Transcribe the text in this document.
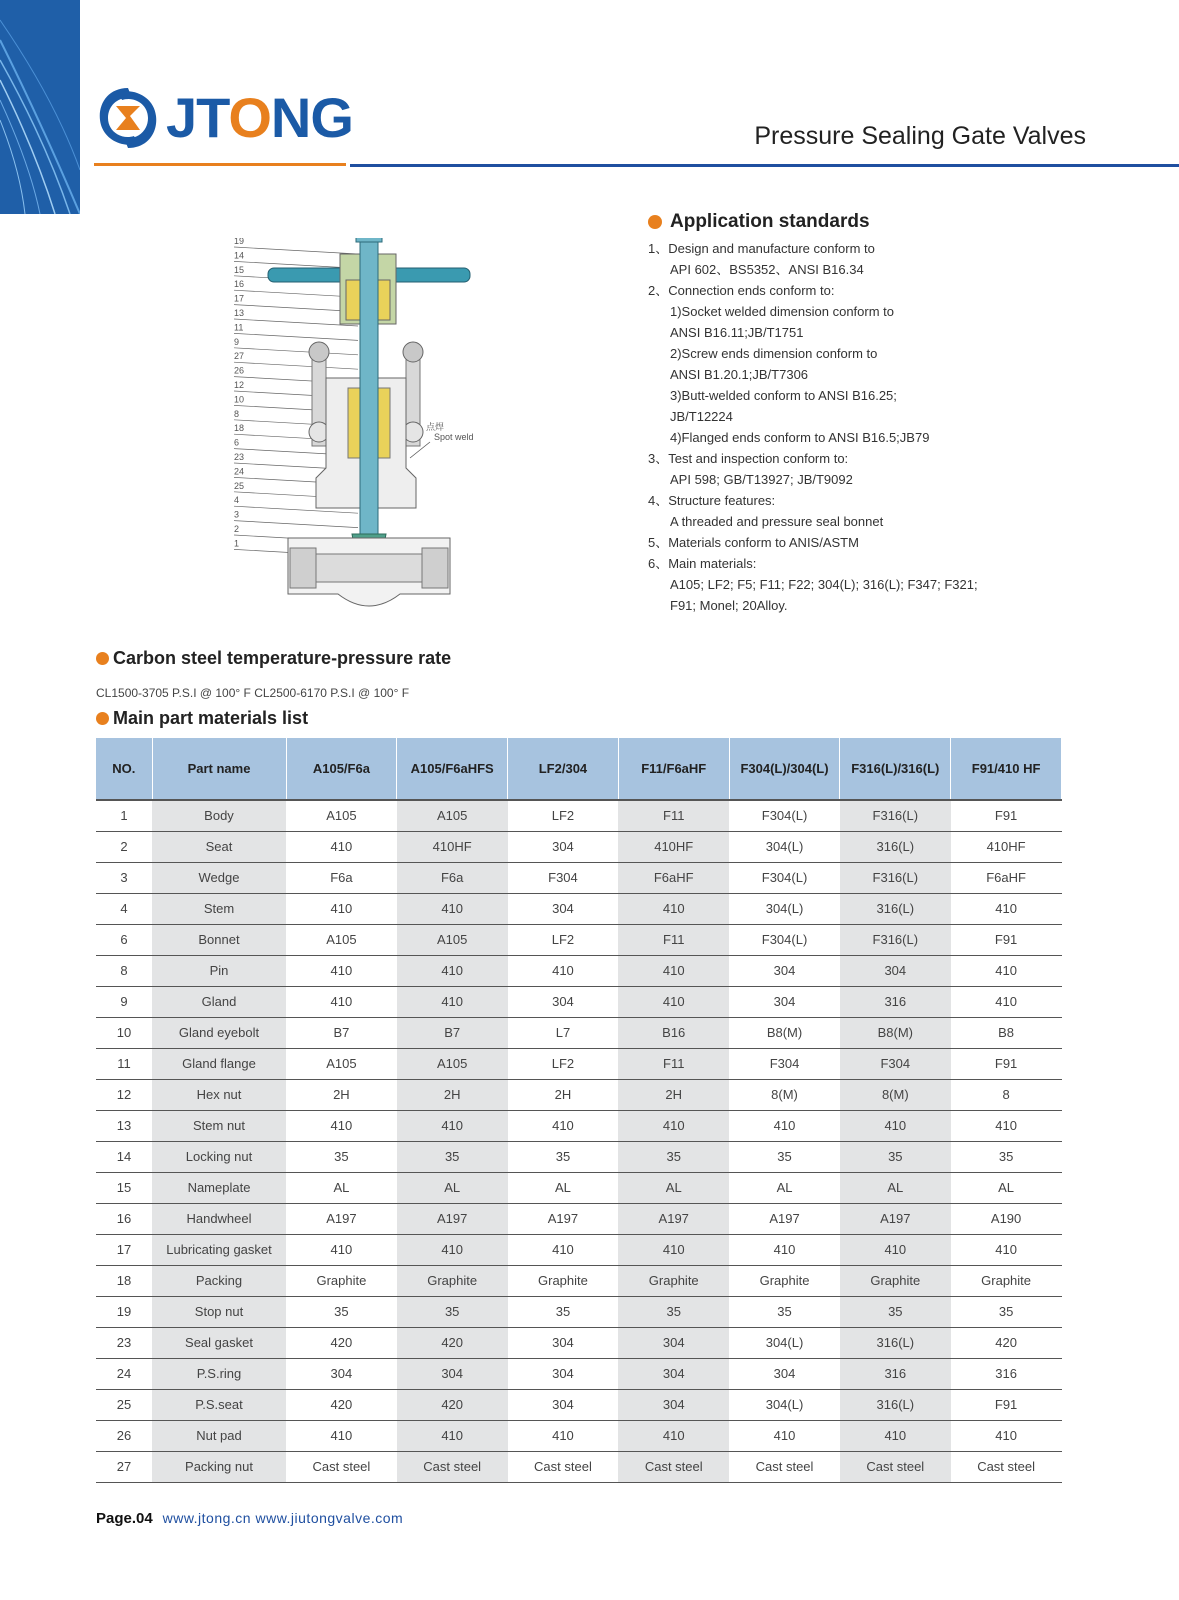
JTONG	Pressure Sealing Gate Valves
19
14
15
16
17
13
11
9
27
26
12
10
8
18
6
23
24
25
4
3
2
1
点焊
Spot weld
Application standards
1、Design and manufacture conform to
API 602、BS5352、ANSI B16.34
2、Connection ends conform to:
1)Socket welded dimension conform to
ANSI B16.11;JB/T1751
2)Screw ends dimension conform to
ANSI B1.20.1;JB/T7306
3)Butt-welded conform to ANSI B16.25;
JB/T12224
4)Flanged ends conform to ANSI B16.5;JB79
3、Test and inspection conform to:
API 598; GB/T13927; JB/T9092
4、Structure features:
A threaded and pressure seal bonnet
5、Materials conform to ANIS/ASTM
6、Main materials:
A105; LF2; F5; F11; F22; 304(L); 316(L); F347; F321;
F91; Monel; 20Alloy.
Carbon steel temperature-pressure rate
CL1500-3705 P.S.I @ 100° F CL2500-6170 P.S.I @ 100° F
Main part materials list
NO.	Part name	A105/F6a	A105/F6aHFS	LF2/304	F11/F6aHF	F304(L)/304(L)	F316(L)/316(L)	F91/410 HF
1	Body	A105	A105	LF2	F11	F304(L)	F316(L)	F91
2	Seat	410	410HF	304	410HF	304(L)	316(L)	410HF
3	Wedge	F6a	F6a	F304	F6aHF	F304(L)	F316(L)	F6aHF
4	Stem	410	410	304	410	304(L)	316(L)	410
6	Bonnet	A105	A105	LF2	F11	F304(L)	F316(L)	F91
8	Pin	410	410	410	410	304	304	410
9	Gland	410	410	304	410	304	316	410
10	Gland eyebolt	B7	B7	L7	B16	B8(M)	B8(M)	B8
11	Gland flange	A105	A105	LF2	F11	F304	F304	F91
12	Hex nut	2H	2H	2H	2H	8(M)	8(M)	8
13	Stem nut	410	410	410	410	410	410	410
14	Locking nut	35	35	35	35	35	35	35
15	Nameplate	AL	AL	AL	AL	AL	AL	AL
16	Handwheel	A197	A197	A197	A197	A197	A197	A190
17	Lubricating gasket	410	410	410	410	410	410	410
18	Packing	Graphite	Graphite	Graphite	Graphite	Graphite	Graphite	Graphite
19	Stop nut	35	35	35	35	35	35	35
23	Seal gasket	420	420	304	304	304(L)	316(L)	420
24	P.S.ring	304	304	304	304	304	316	316
25	P.S.seat	420	420	304	304	304(L)	316(L)	F91
26	Nut pad	410	410	410	410	410	410	410
27	Packing nut	Cast steel	Cast steel	Cast steel	Cast steel	Cast steel	Cast steel	Cast steel
Page.04 www.jtong.cn www.jiutongvalve.com
